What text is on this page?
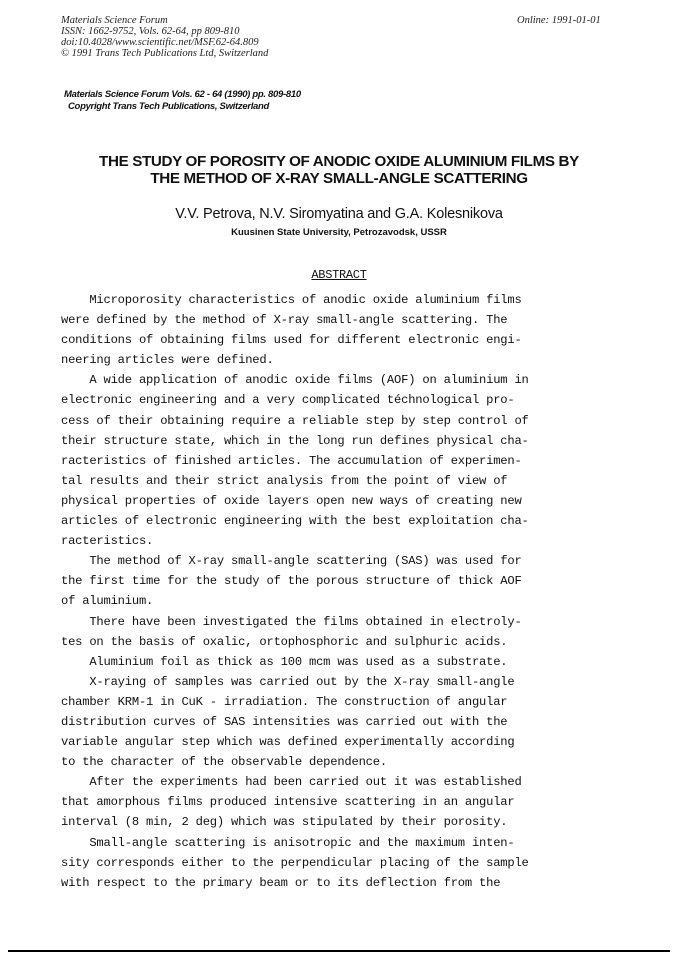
Materials Science Forum
ISSN: 1662-9752, Vols. 62-64, pp 809-810
doi:10.4028/www.scientific.net/MSF.62-64.809
© 1991 Trans Tech Publications Ltd, Switzerland
Online: 1991-01-01
Materials Science Forum Vols. 62 - 64 (1990) pp. 809-810
Copyright Trans Tech Publications, Switzerland
THE STUDY OF POROSITY OF ANODIC OXIDE ALUMINIUM FILMS BY
THE METHOD OF X-RAY SMALL-ANGLE SCATTERING
V.V. Petrova, N.V. Siromyatina and G.A. Kolesnikova
Kuusinen State University, Petrozavodsk, USSR
ABSTRACT
Microporosity characteristics of anodic oxide aluminium films
were defined by the method of X-ray small-angle scattering. The
conditions of obtaining films used for different electronic engi-
neering articles were defined.
A wide application of anodic oxide films (AOF) on aluminium in
electronic engineering and a very complicated téchnological pro-
cess of their obtaining require a reliable step by step control of
their structure state, which in the long run defines physical cha-
racteristics of finished articles. The accumulation of experimen-
tal results and their strict analysis from the point of view of
physical properties of oxide layers open new ways of creating new
articles of electronic engineering with the best exploitation cha-
racteristics.
The method of X-ray small-angle scattering (SAS) was used for
the first time for the study of the porous structure of thick AOF
of aluminium.
There have been investigated the films obtained in electroly-
tes on the basis of oxalic, ortophosphoric and sulphuric acids.
Aluminium foil as thick as 100 mcm was used as a substrate.
X-raying of samples was carried out by the X-ray small-angle
chamber KRM-1 in CuK - irradiation. The construction of angular
distribution curves of SAS intensities was carried out with the
variable angular step which was defined experimentally according
to the character of the observable dependence.
After the experiments had been carried out it was established
that amorphous films produced intensive scattering in an angular
interval (8 min, 2 deg) which was stipulated by their porosity.
Small-angle scattering is anisotropic and the maximum inten-
sity corresponds either to the perpendicular placing of the sample
with respect to the primary beam or to its deflection from the
